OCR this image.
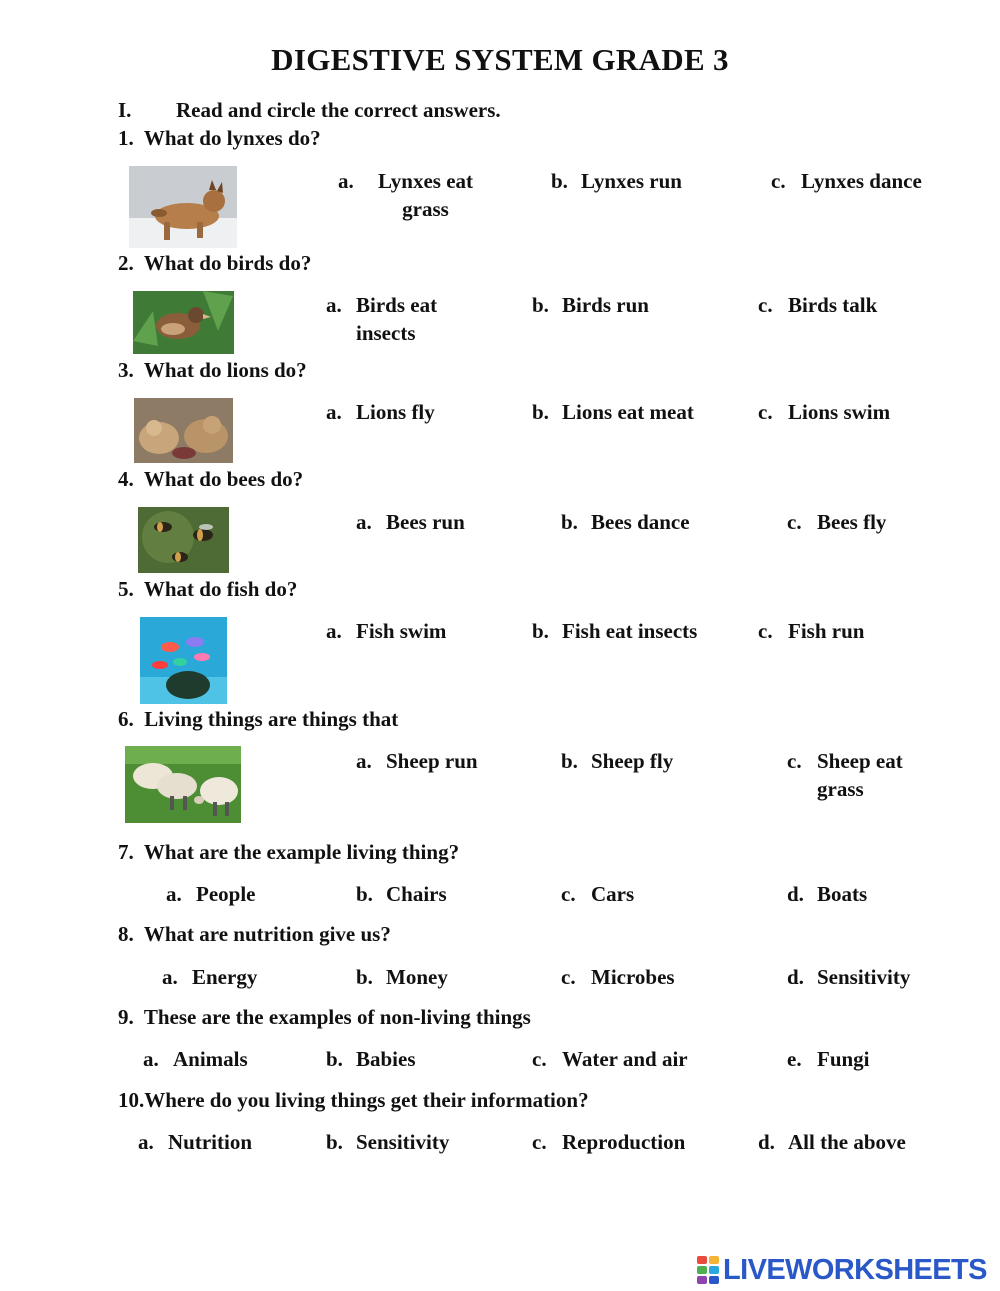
DIGESTIVE SYSTEM GRADE 3
I. Read and circle the correct answers.
1. What do lynxes do?
a.	Lynxes eat grass
b. Lynxes run	c. Lynxes dance
2. What do birds do?
a. Birds eat insects
b. Birds run	c. Birds talk
3. What do lions do?
a. Lions fly	b. Lions eat meat	c. Lions swim
4. What do bees do?
a. Bees run	b. Bees dance	c. Bees fly
5. What do fish do?
a. Fish swim	b. Fish eat insects	c. Fish run
6. Living things are things that
a. Sheep run	b. Sheep fly	c. Sheep eat grass
7. What are the example living thing?
a. People	b. Chairs	c. Cars	d. Boats
8. What are nutrition give us?
a. Energy	b. Money	c. Microbes	d. Sensitivity
9. These are the examples of non-living things
a. Animals	b. Babies	c. Water and air	e. Fungi
10.Where do you living things get their information?
a. Nutrition	b. Sensitivity	c. Reproduction	d. All the above
LIVEWORKSHEETS
